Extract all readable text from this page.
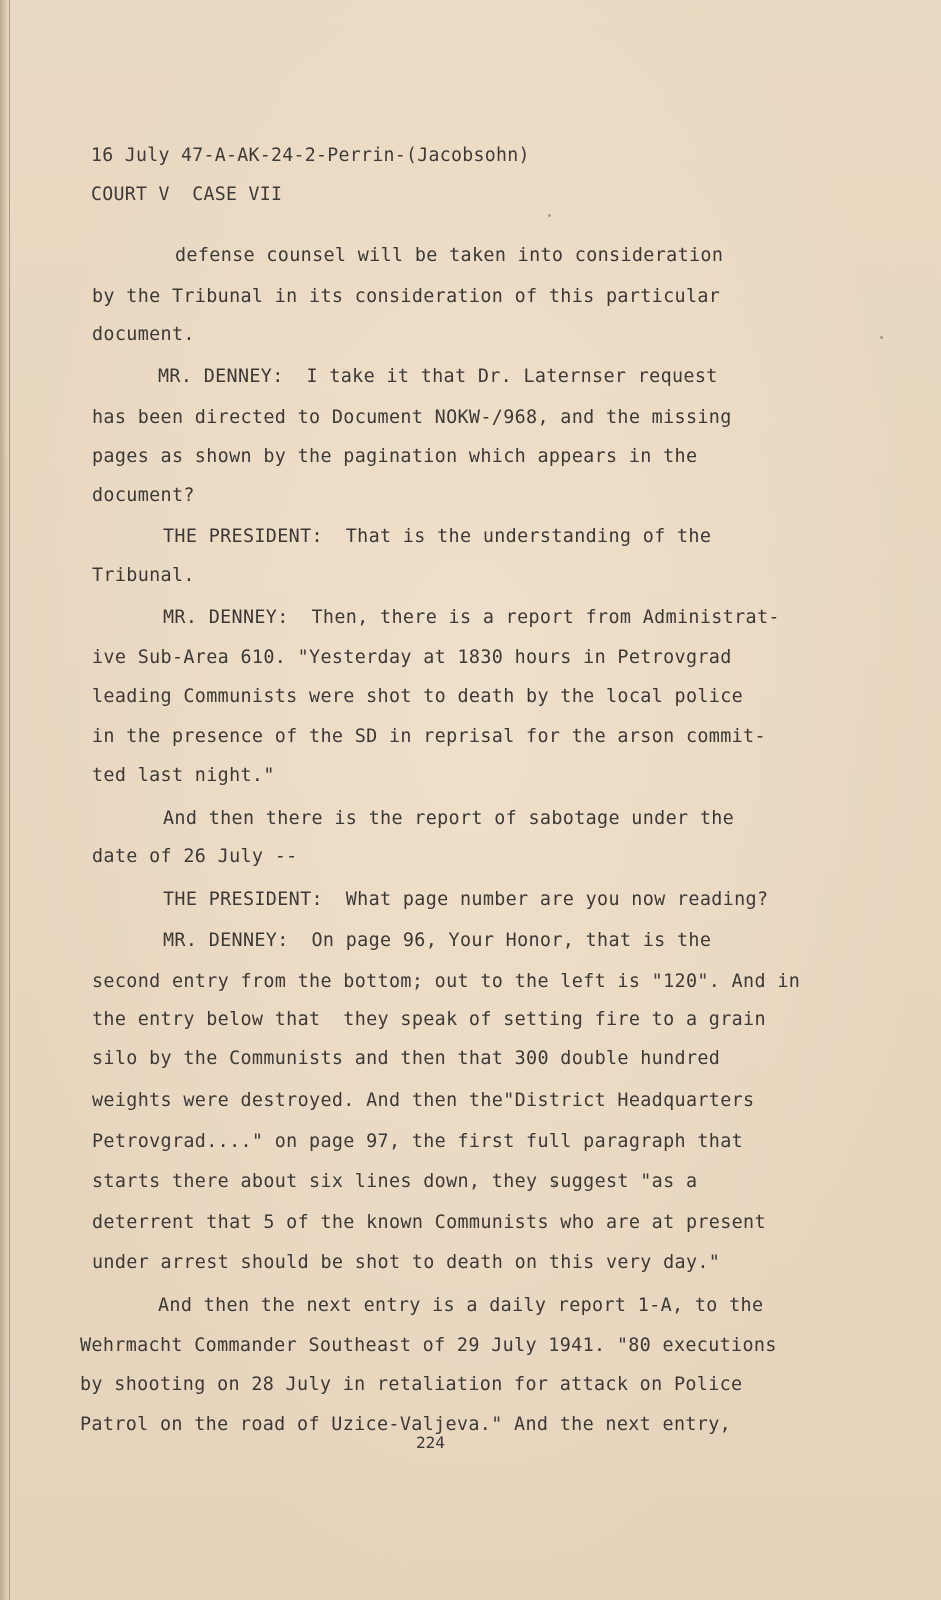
16 July 47-A-AK-24-2-Perrin-(Jacobsohn)
COURT V  CASE VII
defense counsel will be taken into consideration
by the Tribunal in its consideration of this particular
document.
MR. DENNEY:  I take it that Dr. Laternser request
has been directed to Document NOKW-/968, and the missing
pages as shown by the pagination which appears in the
document?
THE PRESIDENT:  That is the understanding of the
Tribunal.
MR. DENNEY:  Then, there is a report from Administrat-
ive Sub-Area 610. "Yesterday at 1830 hours in Petrovgrad
leading Communists were shot to death by the local police
in the presence of the SD in reprisal for the arson commit-
ted last night."
And then there is the report of sabotage under the
date of 26 July --
THE PRESIDENT:  What page number are you now reading?
MR. DENNEY:  On page 96, Your Honor, that is the
second entry from the bottom; out to the left is "120". And in
the entry below that  they speak of setting fire to a grain
silo by the Communists and then that 300 double hundred
weights were destroyed. And then the"District Headquarters
Petrovgrad...." on page 97, the first full paragraph that
starts there about six lines down, they suggest "as a
deterrent that 5 of the known Communists who are at present
under arrest should be shot to death on this very day."
And then the next entry is a daily report 1-A, to the
Wehrmacht Commander Southeast of 29 July 1941. "80 executions
by shooting on 28 July in retaliation for attack on Police
Patrol on the road of Uzice-Valjeva." And the next entry,
224
